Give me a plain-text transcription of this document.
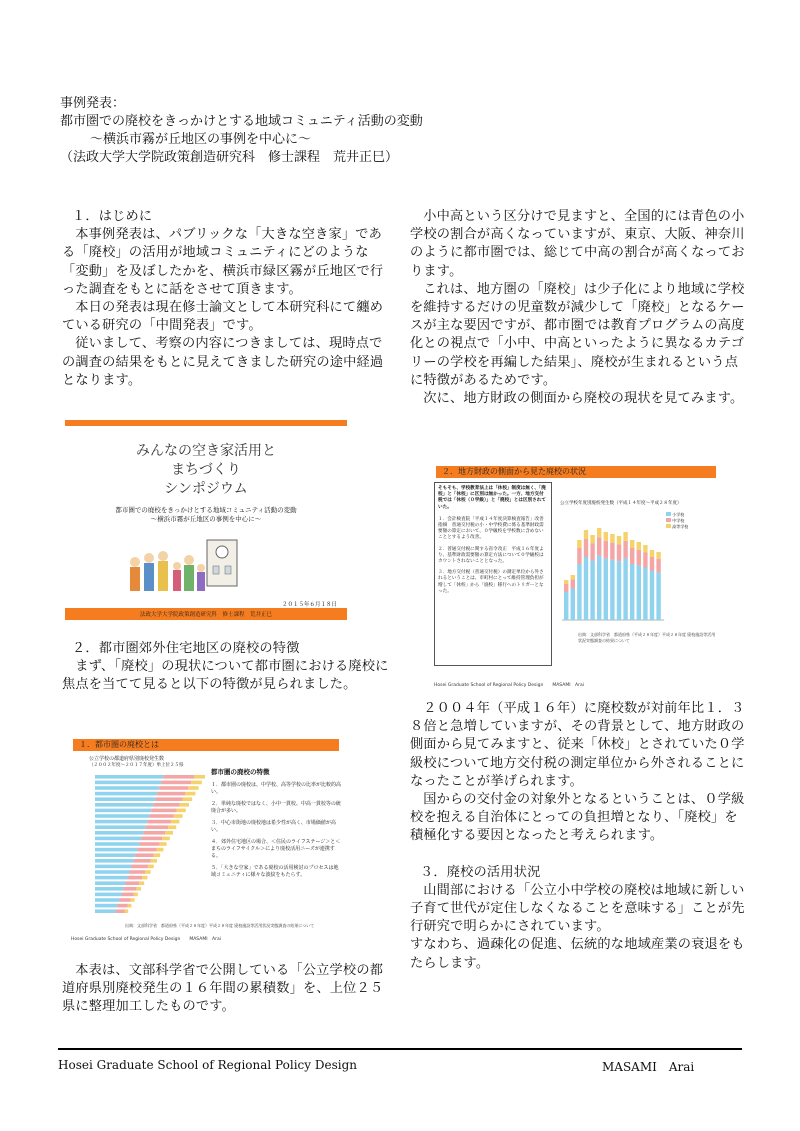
事例発表：
都市圏での廃校をきっかけとする地域コミュニティ活動の変動
〜横浜市霧が丘地区の事例を中心に〜
（法政大学大学院政策創造研究科　修士課程　荒井正巳）
１．はじめに

本事例発表は、パブリックな「大きな空き家」である「廃校」の活用が地域コミュニティにどのような「変動」を及ぼしたかを、横浜市緑区霧が丘地区で行った調査をもとに話をさせて頂きます。

本日の発表は現在修士論文として本研究科にて纏めている研究の「中間発表」です。

従いまして、考察の内容につきましては、現時点での調査の結果をもとに見えてきました研究の途中経過となります。

みんなの空き家活用と
まちづくり
シンポジウム
都市圏での廃校をきっかけとする地域コミュニティ活動の変動
〜横浜市霧が丘地区の事例を中心に〜
２０１５年６月１８日
法政大学大学院政策創造研究科　修士課程　荒井正巳
２．都市圏郊外住宅地区の廃校の特徴

まず、「廃校」の現状について都市圏における廃校に焦点を当てて見ると以下の特徴が見られました。

１．都市圏の廃校とは
公立学校の都道府県別廃校発生数
（２００２年度〜２０１７年度）単上位２５県
都市圏の廃校の特徴
１．都市圏の廃校は、中学校、高等学校の比率が比較的高い。
２．単純な廃校ではなく、小中一貫校、中高一貫校等の統廃合が多い。
３．中心市街地の廃校地は希少性が高く、市場価値が高い。
４．郊外住宅地区の場合、＜住民のライフステージ＞と＜まちのライフサイクル＞により廃校活用ニーズが連携する。
５．「大きな空家」である廃校の活用検討のプロセスは地域コミュニティに様々な波紋をもたらす。
出典：文部科学省　都道府県（平成２８年度）平成２８年度 廃校施設等活用状況実態調査の結果について
Hosei Graduate School of Regional Policy Design　　MASAMI　Arai

本表は、文部科学省で公開している「公立学校の都道府県別廃校発生の１６年間の累積数」を、上位２５県に整理加工したものです。

小中高という区分けで見ますと、全国的には青色の小学校の割合が高くなっていますが、東京、大阪、神奈川のように都市圏では、総じて中高の割合が高くなっております。

これは、地方圏の「廃校」は少子化により地域に学校を維持するだけの児童数が減少して「廃校」となるケースが主な要因ですが、都市圏では教育プログラムの高度化との視点で「小中、中高といったように異なるカテゴリーの学校を再編した結果」、廃校が生まれるという点に特徴があるためです。

次に、地方財政の側面から廃校の現状を見てみます。

２．地方財政の側面から見た廃校の状況
そもそも、学校教育法上は「休校」制度は無く、「廃校」と「休校」に区別は無かった。一方、地方交付税では「休校（０学級）」と「廃校」とは区別されていた。
１．会計検査院「平成１４年度決算検査報告」改善指摘　普通交付税の小・中学校費に係る基準財政需要額の算定において、０学級校を学校数に含めないこととするよう改善。
２．普通交付税に関する省令改正　平成１６年度より、基準財政需要額の算定方法について０学級校はカウントされないこととなった。
３．地方交付税（普通交付税）の測定単位から外されるということは、市町村にとって維持管理負担が増して「休校」から「廃校」移行へのトリガーとなった。
公立学校年度別廃校発生数（平成１４年度〜平成２８年度）
小学校
中学校
高等学校
出典：文部科学省　都道府県（平成２８年度）平成２８年度 廃校施設等活用状況実態調査の結果について
Hosei Graduate School of Regional Policy Design　　MASAMI　Arai

２００４年（平成１６年）に廃校数が対前年比１．３８倍と急増していますが、その背景として、地方財政の側面から見てみますと、従来「休校」とされていた０学級校について地方交付税の測定単位から外されることになったことが挙げられます。

国からの交付金の対象外となるということは、０学級校を抱える自治体にとっての負担増となり、「廃校」を積極化する要因となったと考えられます。

３．廃校の活用状況

山間部における「公立小中学校の廃校は地域に新しい子育て世代が定住しなくなることを意味する」ことが先行研究で明らかにされています。

すなわち、過疎化の促進、伝統的な地域産業の衰退をもたらします。

Hosei Graduate School of Regional Policy Design	MASAMI　Arai
